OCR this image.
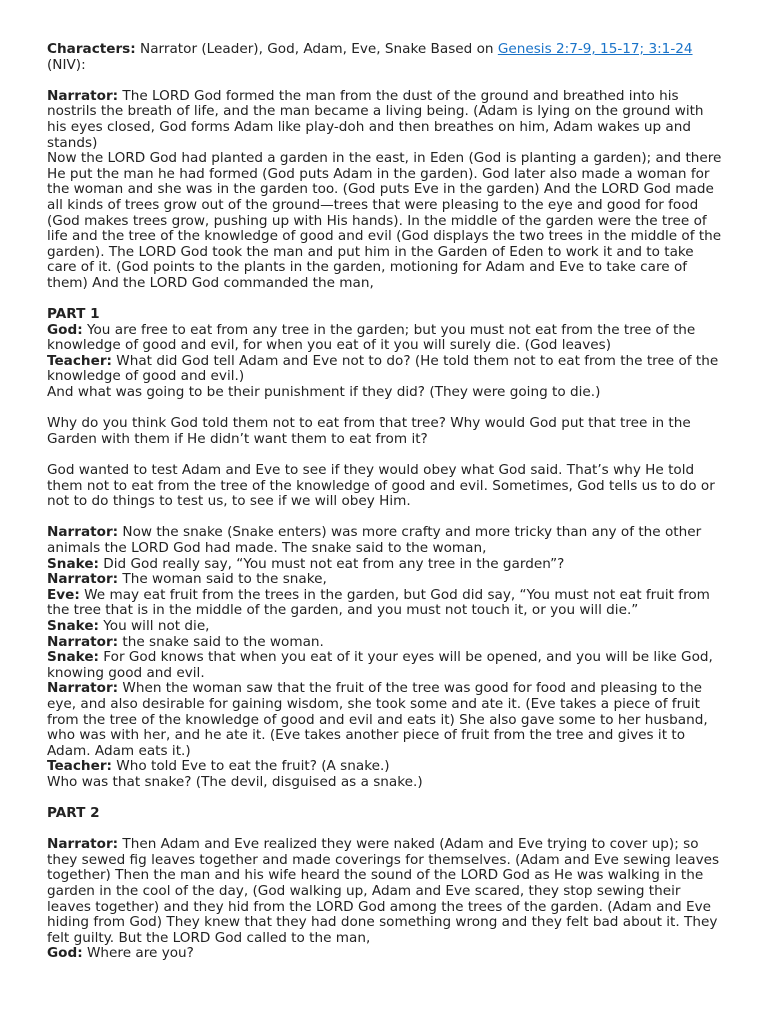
Characters: Narrator (Leader), God, Adam, Eve, Snake Based on Genesis 2:7-9, 15-17; 3:1-24 (NIV):

Narrator: The LORD God formed the man from the dust of the ground and breathed into his nostrils the breath of life, and the man became a living being. (Adam is lying on the ground with his eyes closed, God forms Adam like play-doh and then breathes on him, Adam wakes up and stands)

Now the LORD God had planted a garden in the east, in Eden (God is planting a garden); and there He put the man he had formed (God puts Adam in the garden). God later also made a woman for the woman and she was in the garden too. (God puts Eve in the garden) And the LORD God made all kinds of trees grow out of the ground—trees that were pleasing to the eye and good for food (God makes trees grow, pushing up with His hands). In the middle of the garden were the tree of life and the tree of the knowledge of good and evil (God displays the two trees in the middle of the garden). The LORD God took the man and put him in the Garden of Eden to work it and to take care of it. (God points to the plants in the garden, motioning for Adam and Eve to take care of them) And the LORD God commanded the man,

PART 1

God: You are free to eat from any tree in the garden; but you must not eat from the tree of the knowledge of good and evil, for when you eat of it you will surely die. (God leaves)

Teacher: What did God tell Adam and Eve not to do? (He told them not to eat from the tree of the knowledge of good and evil.)

And what was going to be their punishment if they did? (They were going to die.)

Why do you think God told them not to eat from that tree? Why would God put that tree in the Garden with them if He didn’t want them to eat from it?

God wanted to test Adam and Eve to see if they would obey what God said. That’s why He told them not to eat from the tree of the knowledge of good and evil. Sometimes, God tells us to do or not to do things to test us, to see if we will obey Him.

Narrator: Now the snake (Snake enters) was more crafty and more tricky than any of the other animals the LORD God had made. The snake said to the woman,

Snake: Did God really say, “You must not eat from any tree in the garden”?

Narrator: The woman said to the snake,

Eve: We may eat fruit from the trees in the garden, but God did say, “You must not eat fruit from the tree that is in the middle of the garden, and you must not touch it, or you will die.”

Snake: You will not die,

Narrator: the snake said to the woman.

Snake: For God knows that when you eat of it your eyes will be opened, and you will be like God, knowing good and evil.

Narrator: When the woman saw that the fruit of the tree was good for food and pleasing to the eye, and also desirable for gaining wisdom, she took some and ate it. (Eve takes a piece of fruit from the tree of the knowledge of good and evil and eats it) She also gave some to her husband, who was with her, and he ate it. (Eve takes another piece of fruit from the tree and gives it to Adam. Adam eats it.)

Teacher: Who told Eve to eat the fruit? (A snake.)

Who was that snake? (The devil, disguised as a snake.)

PART 2

Narrator: Then Adam and Eve realized they were naked (Adam and Eve trying to cover up); so they sewed fig leaves together and made coverings for themselves. (Adam and Eve sewing leaves together) Then the man and his wife heard the sound of the LORD God as He was walking in the garden in the cool of the day, (God walking up, Adam and Eve scared, they stop sewing their leaves together) and they hid from the LORD God among the trees of the garden. (Adam and Eve hiding from God) They knew that they had done something wrong and they felt bad about it. They felt guilty. But the LORD God called to the man,

God: Where are you?
